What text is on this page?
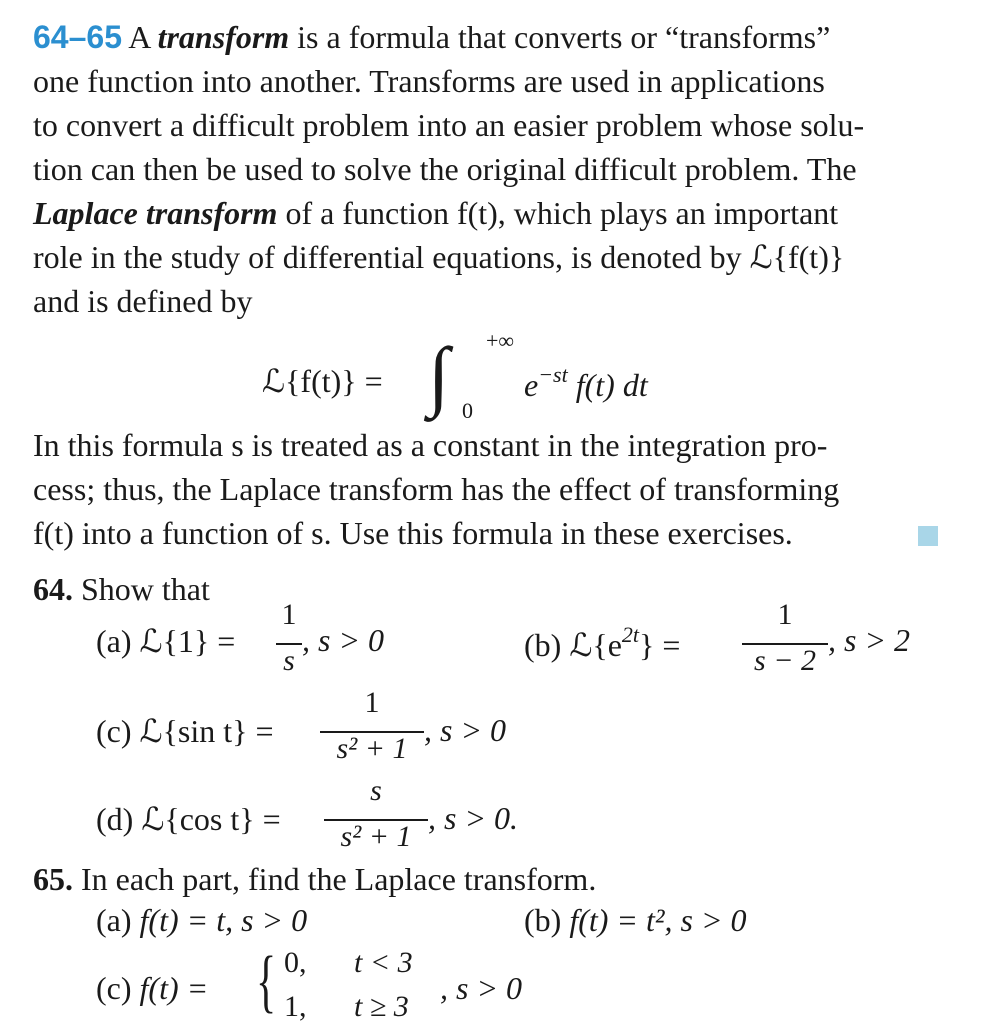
64–65 A transform is a formula that converts or “transforms”
one function into another. Transforms are used in applications
to convert a difficult problem into an easier problem whose solu-
tion can then be used to solve the original difficult problem. The
Laplace transform of a function f(t), which plays an important
role in the study of differential equations, is denoted by ℒ{f(t)}
and is defined by
ℒ{f(t)} = ∫ +∞
0
$e^{-st}$ f(t) dt
In this formula s is treated as a constant in the integration pro-
cess; thus, the Laplace transform has the effect of transforming
f(t) into a function of s. Use this formula in these exercises.
64. Show that
(a) ℒ{1} =
1
s
, s > 0	(b) $ℒ\{e^{2t}\}$ =
1
s − 2
, s > 2
(c) ℒ{sin t} =
1
s² + 1
, s > 0
(d) ℒ{cos t} =
s
s² + 1
, s > 0.
65. In each part, find the Laplace transform.
(a) f(t) = t, s > 0	(b) f(t) = t², s > 0
(c) f(t) = { 0, t < 3
1, t ≥ 3
, s > 0
